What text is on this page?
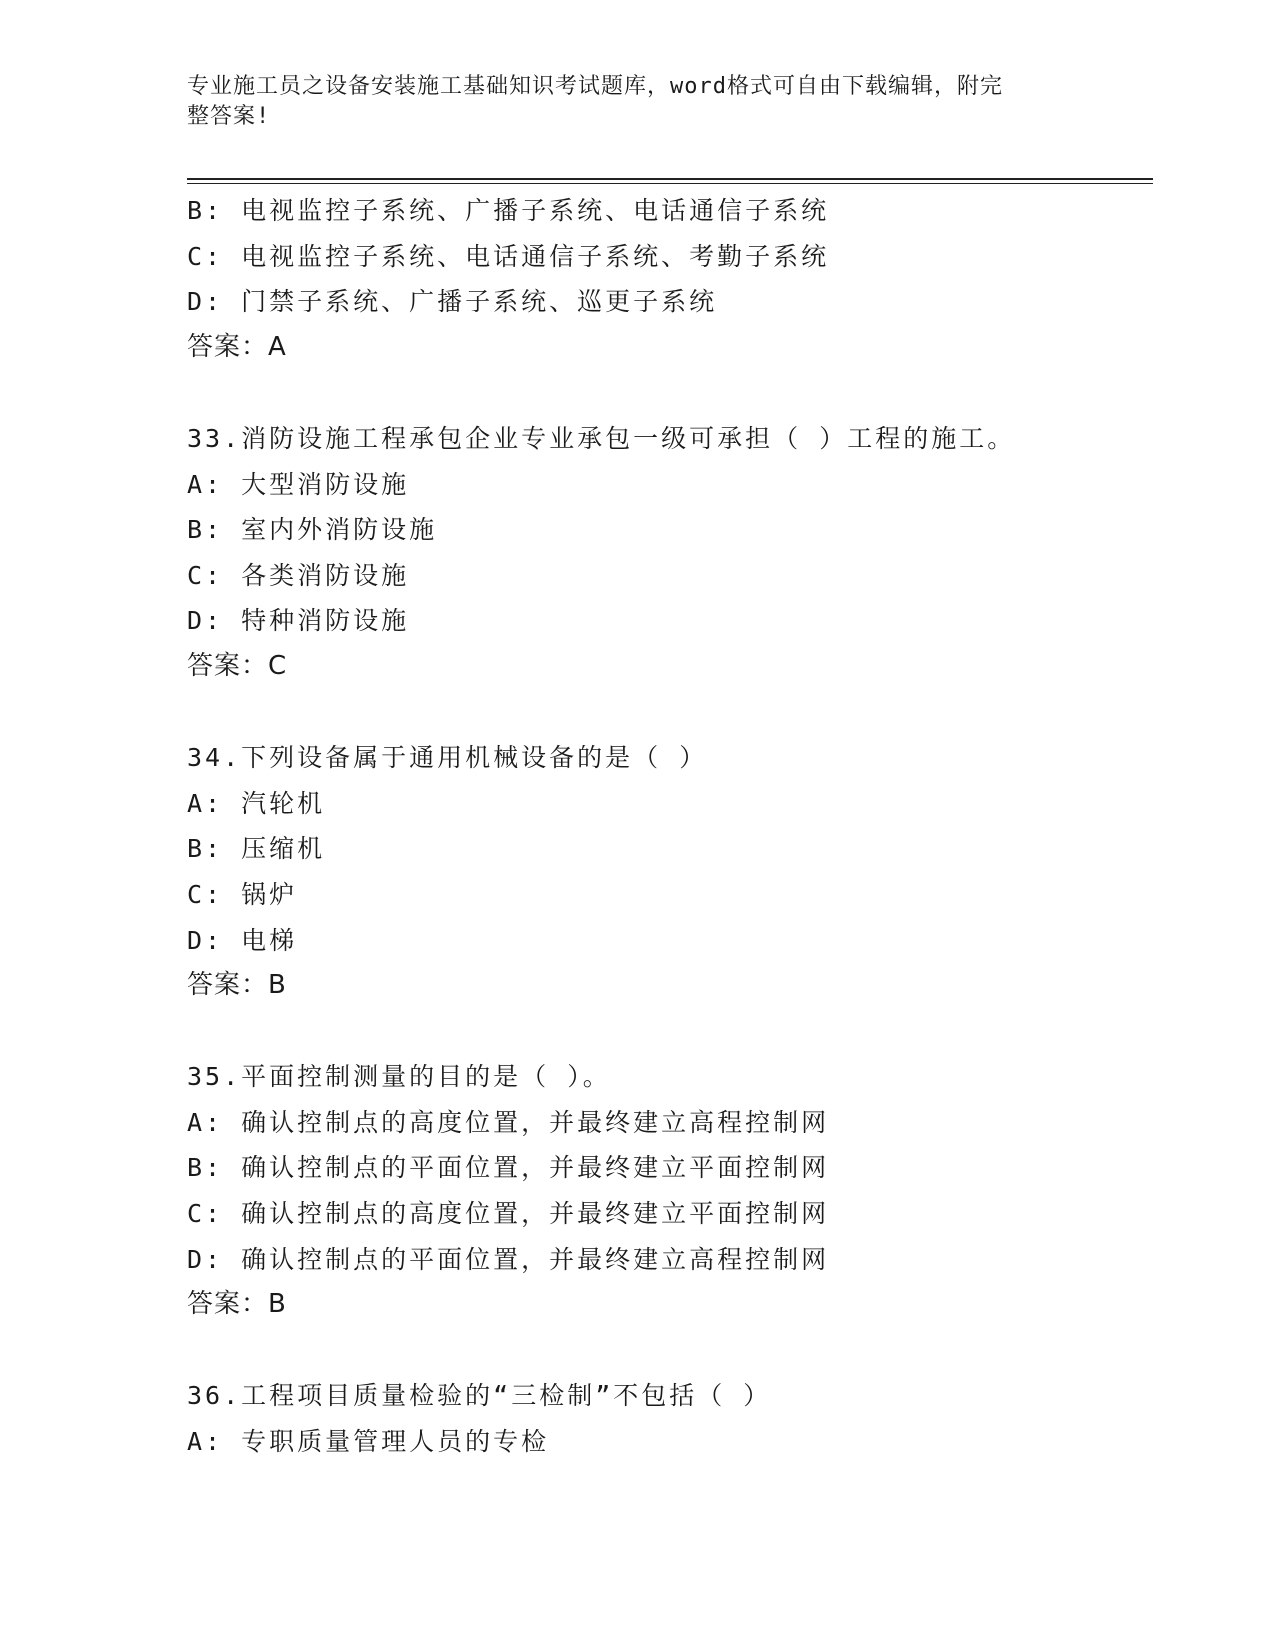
专业施工员之设备安装施工基础知识考试题库，word格式可自由下载编辑，附完
整答案!
B: 电视监控子系统、广播子系统、电话通信子系统
C: 电视监控子系统、电话通信子系统、考勤子系统
D: 门禁子系统、广播子系统、巡更子系统
答案：A
33.消防设施工程承包企业专业承包一级可承担（ ）工程的施工。
A: 大型消防设施
B: 室内外消防设施
C: 各类消防设施
D: 特种消防设施
答案：C
34.下列设备属于通用机械设备的是（ ）
A: 汽轮机
B: 压缩机
C: 锅炉
D: 电梯
答案：B
35.平面控制测量的目的是（ ）。
A: 确认控制点的高度位置，并最终建立高程控制网
B: 确认控制点的平面位置，并最终建立平面控制网
C: 确认控制点的高度位置，并最终建立平面控制网
D: 确认控制点的平面位置，并最终建立高程控制网
答案：B
36.工程项目质量检验的“三检制”不包括（ ）
A: 专职质量管理人员的专检
